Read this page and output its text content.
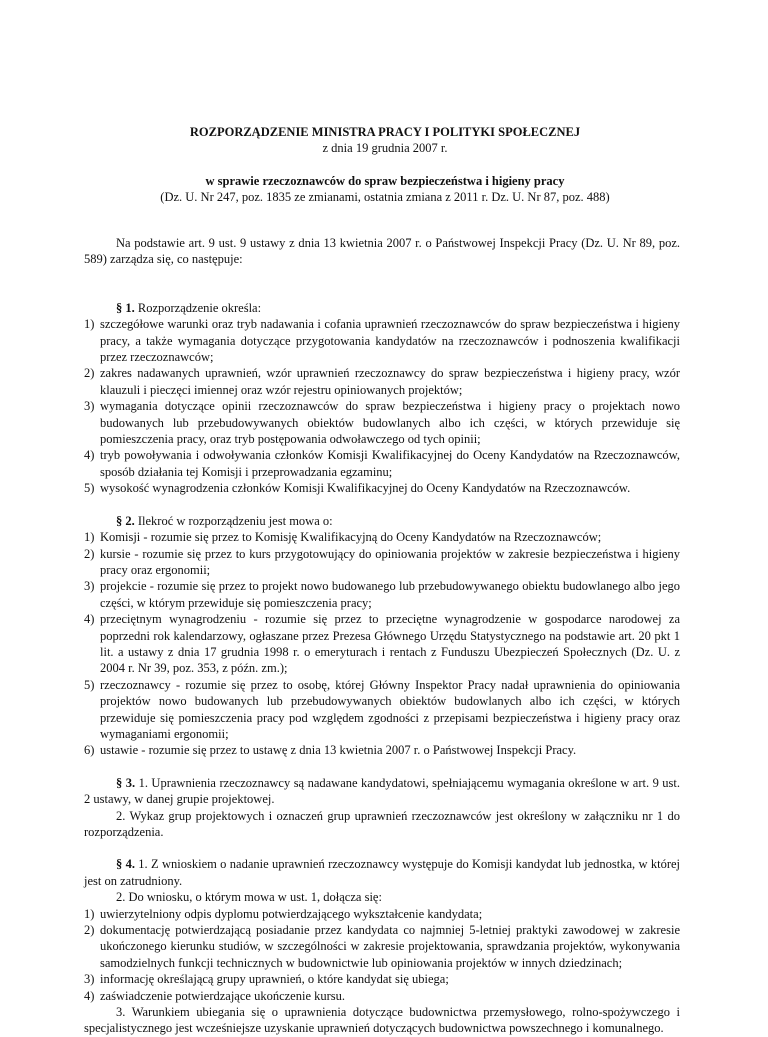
ROZPORZĄDZENIE MINISTRA PRACY I POLITYKI SPOŁECZNEJ
z dnia 19 grudnia 2007 r.
w sprawie rzeczoznawców do spraw bezpieczeństwa i higieny pracy
(Dz. U. Nr 247, poz. 1835 ze zmianami, ostatnia zmiana z 2011 r. Dz. U. Nr 87, poz. 488)

Na podstawie art. 9 ust. 9 ustawy z dnia 13 kwietnia 2007 r. o Państwowej Inspekcji Pracy (Dz. U. Nr 89, poz. 589) zarządza się, co następuje:

§ 1. Rozporządzenie określa:

1) szczegółowe warunki oraz tryb nadawania i cofania uprawnień rzeczoznawców do spraw bezpieczeństwa i higieny pracy, a także wymagania dotyczące przygotowania kandydatów na rzeczoznawców i podnoszenia kwalifikacji przez rzeczoznawców;
2) zakres nadawanych uprawnień, wzór uprawnień rzeczoznawcy do spraw bezpieczeństwa i higieny pracy, wzór klauzuli i pieczęci imiennej oraz wzór rejestru opiniowanych projektów;
3) wymagania dotyczące opinii rzeczoznawców do spraw bezpieczeństwa i higieny pracy o projektach nowo budowanych lub przebudowywanych obiektów budowlanych albo ich części, w których przewiduje się pomieszczenia pracy, oraz tryb postępowania odwoławczego od tych opinii;
4) tryb powoływania i odwoływania członków Komisji Kwalifikacyjnej do Oceny Kandydatów na Rzeczoznawców, sposób działania tej Komisji i przeprowadzania egzaminu;
5) wysokość wynagrodzenia członków Komisji Kwalifikacyjnej do Oceny Kandydatów na Rzeczoznawców.

§ 2. Ilekroć w rozporządzeniu jest mowa o:

1) Komisji - rozumie się przez to Komisję Kwalifikacyjną do Oceny Kandydatów na Rzeczoznawców;
2) kursie - rozumie się przez to kurs przygotowujący do opiniowania projektów w zakresie bezpieczeństwa i higieny pracy oraz ergonomii;
3) projekcie - rozumie się przez to projekt nowo budowanego lub przebudowywanego obiektu budowlanego albo jego części, w którym przewiduje się pomieszczenia pracy;
4) przeciętnym wynagrodzeniu - rozumie się przez to przeciętne wynagrodzenie w gospodarce narodowej za poprzedni rok kalendarzowy, ogłaszane przez Prezesa Głównego Urzędu Statystycznego na podstawie art. 20 pkt 1 lit. a ustawy z dnia 17 grudnia 1998 r. o emeryturach i rentach z Funduszu Ubezpieczeń Społecznych (Dz. U. z 2004 r. Nr 39, poz. 353, z późn. zm.);
5) rzeczoznawcy - rozumie się przez to osobę, której Główny Inspektor Pracy nadał uprawnienia do opiniowania projektów nowo budowanych lub przebudowywanych obiektów budowlanych albo ich części, w których przewiduje się pomieszczenia pracy pod względem zgodności z przepisami bezpieczeństwa i higieny pracy oraz wymaganiami ergonomii;
6) ustawie - rozumie się przez to ustawę z dnia 13 kwietnia 2007 r. o Państwowej Inspekcji Pracy.

§ 3. 1. Uprawnienia rzeczoznawcy są nadawane kandydatowi, spełniającemu wymagania określone w art. 9 ust. 2 ustawy, w danej grupie projektowej.

2. Wykaz grup projektowych i oznaczeń grup uprawnień rzeczoznawców jest określony w załączniku nr 1 do rozporządzenia.

§ 4. 1. Z wnioskiem o nadanie uprawnień rzeczoznawcy występuje do Komisji kandydat lub jednostka, w której jest on zatrudniony.

2. Do wniosku, o którym mowa w ust. 1, dołącza się:

1) uwierzytelniony odpis dyplomu potwierdzającego wykształcenie kandydata;
2) dokumentację potwierdzającą posiadanie przez kandydata co najmniej 5-letniej praktyki zawodowej w zakresie ukończonego kierunku studiów, w szczególności w zakresie projektowania, sprawdzania projektów, wykonywania samodzielnych funkcji technicznych w budownictwie lub opiniowania projektów w innych dziedzinach;
3) informację określającą grupy uprawnień, o które kandydat się ubiega;
4) zaświadczenie potwierdzające ukończenie kursu.

3. Warunkiem ubiegania się o uprawnienia dotyczące budownictwa przemysłowego, rolno-spożywczego i specjalistycznego jest wcześniejsze uzyskanie uprawnień dotyczących budownictwa powszechnego i komunalnego.
